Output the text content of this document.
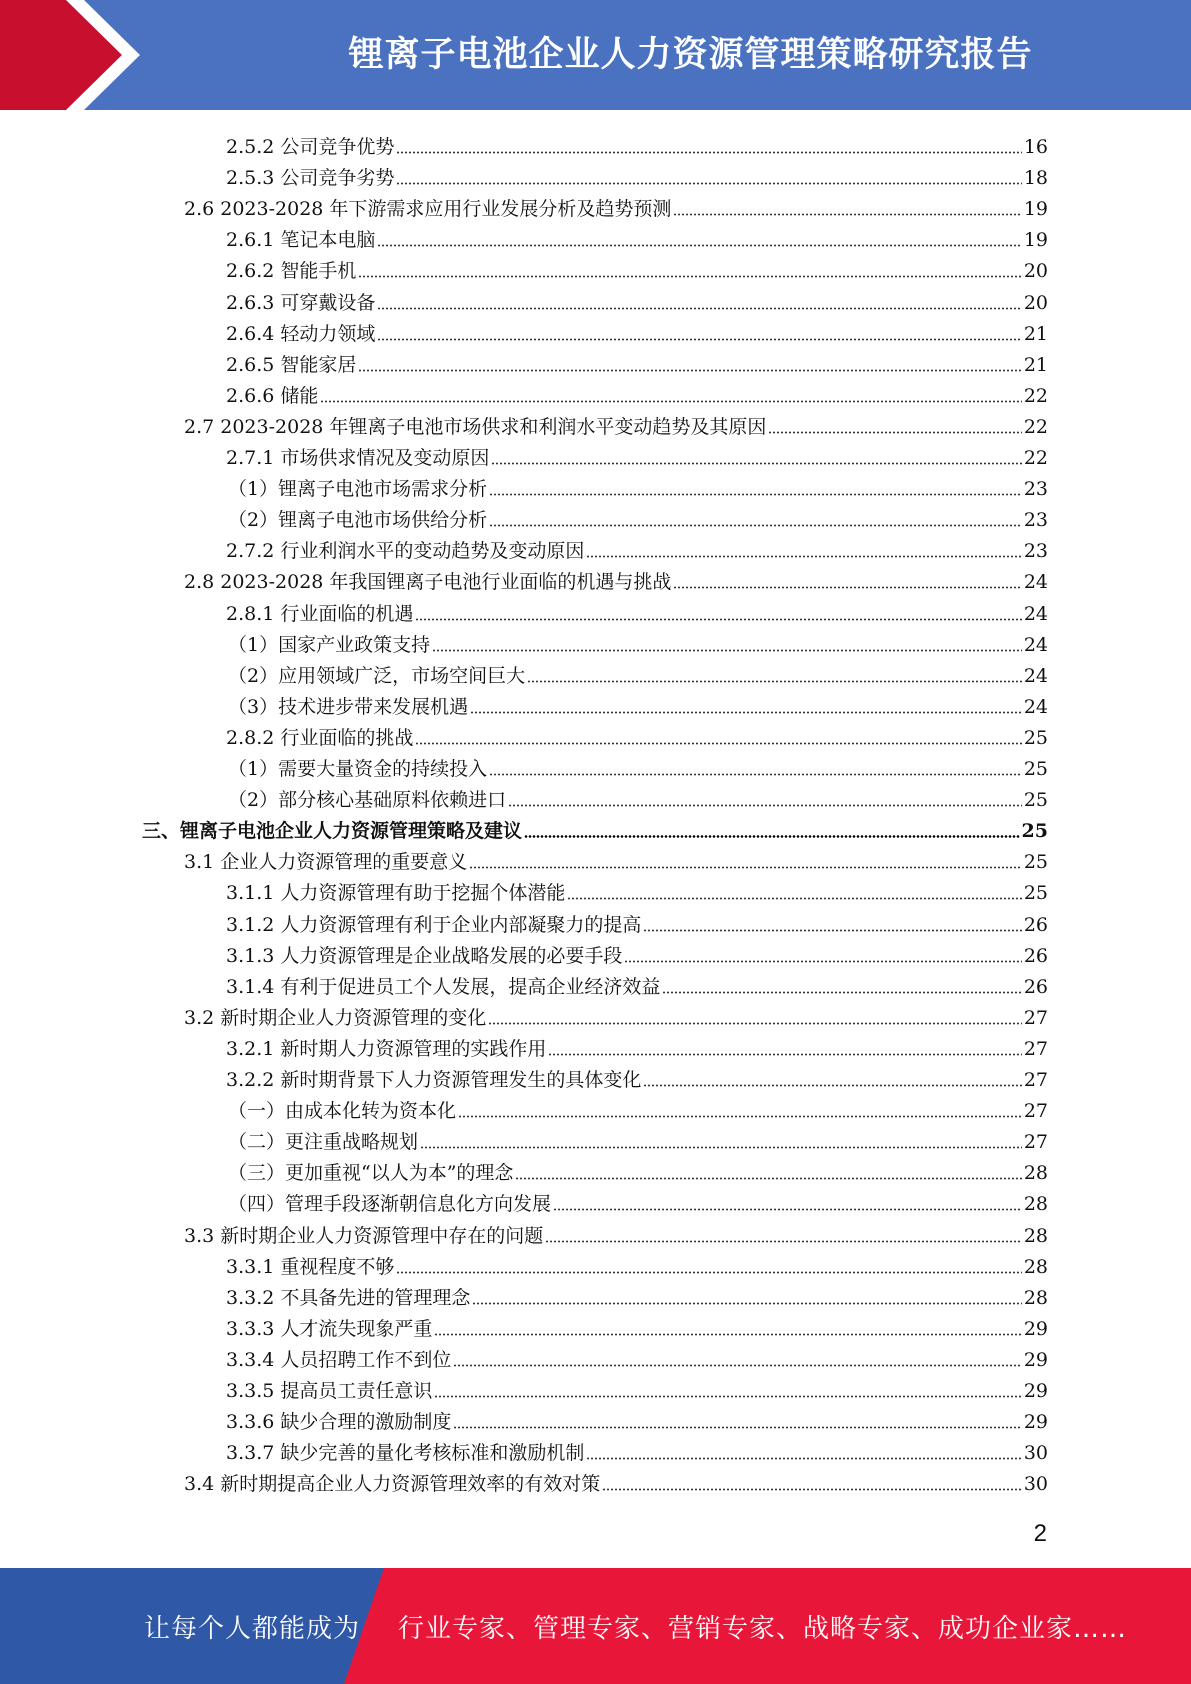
锂离子电池企业人力资源管理策略研究报告
2.5.2 公司竞争优势	16
2.5.3 公司竞争劣势	18
2.6 2023-2028 年下游需求应用行业发展分析及趋势预测	19
2.6.1 笔记本电脑	19
2.6.2 智能手机	20
2.6.3 可穿戴设备	20
2.6.4 轻动力领域	21
2.6.5 智能家居	21
2.6.6 储能	22
2.7 2023-2028 年锂离子电池市场供求和利润水平变动趋势及其原因	22
2.7.1 市场供求情况及变动原因	22
（1）锂离子电池市场需求分析	23
（2）锂离子电池市场供给分析	23
2.7.2 行业利润水平的变动趋势及变动原因	23
2.8 2023-2028 年我国锂离子电池行业面临的机遇与挑战	24
2.8.1 行业面临的机遇	24
（1）国家产业政策支持	24
（2）应用领域广泛，市场空间巨大	24
（3）技术进步带来发展机遇	24
2.8.2 行业面临的挑战	25
（1）需要大量资金的持续投入	25
（2）部分核心基础原料依赖进口	25
三、锂离子电池企业人力资源管理策略及建议	25
3.1 企业人力资源管理的重要意义	25
3.1.1 人力资源管理有助于挖掘个体潜能	25
3.1.2 人力资源管理有利于企业内部凝聚力的提高	26
3.1.3 人力资源管理是企业战略发展的必要手段	26
3.1.4 有利于促进员工个人发展，提高企业经济效益	26
3.2 新时期企业人力资源管理的变化	27
3.2.1 新时期人力资源管理的实践作用	27
3.2.2 新时期背景下人力资源管理发生的具体变化	27
（一）由成本化转为资本化	27
（二）更注重战略规划	27
（三）更加重视“以人为本”的理念	28
（四）管理手段逐渐朝信息化方向发展	28
3.3 新时期企业人力资源管理中存在的问题	28
3.3.1 重视程度不够	28
3.3.2 不具备先进的管理理念	28
3.3.3 人才流失现象严重	29
3.3.4 人员招聘工作不到位	29
3.3.5 提高员工责任意识	29
3.3.6 缺少合理的激励制度	29
3.3.7 缺少完善的量化考核标准和激励机制	30
3.4 新时期提高企业人力资源管理效率的有效对策	30
2
让每个人都能成为 行业专家、管理专家、营销专家、战略专家、成功企业家……
